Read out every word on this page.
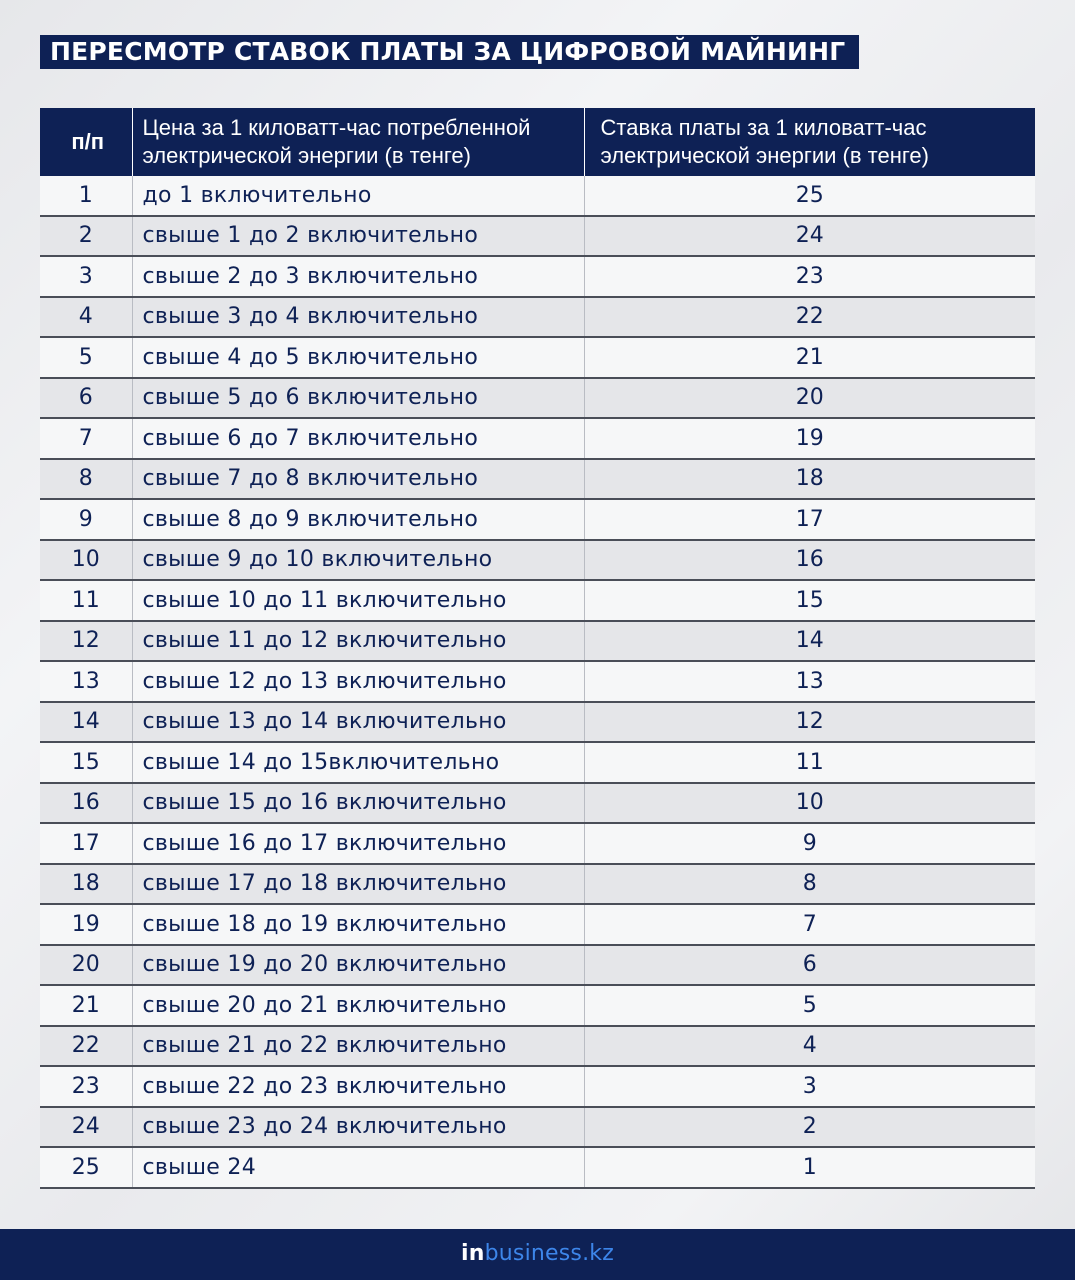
ПЕРЕСМОТР СТАВОК ПЛАТЫ ЗА ЦИФРОВОЙ МАЙНИНГ
п/п	Цена за 1 киловатт-час потребленной электрической энергии (в тенге)	Ставка платы за 1 киловатт-час электрической энергии (в тенге)

1	до 1 включительно	25
2	свыше 1 до 2 включительно	24
3	свыше 2 до 3 включительно	23
4	свыше 3 до 4 включительно	22
5	свыше 4 до 5 включительно	21
6	свыше 5 до 6 включительно	20
7	свыше 6 до 7 включительно	19
8	свыше 7 до 8 включительно	18
9	свыше 8 до 9 включительно	17
10	свыше 9 до 10 включительно	16
11	свыше 10 до 11 включительно	15
12	свыше 11 до 12 включительно	14
13	свыше 12 до 13 включительно	13
14	свыше 13 до 14 включительно	12
15	свыше 14 до 15включительно	11
16	свыше 15 до 16 включительно	10
17	свыше 16 до 17 включительно	9
18	свыше 17 до 18 включительно	8
19	свыше 18 до 19 включительно	7
20	свыше 19 до 20 включительно	6
21	свыше 20 до 21 включительно	5
22	свыше 21 до 22 включительно	4
23	свыше 22 до 23 включительно	3
24	свыше 23 до 24 включительно	2
25	свыше 24	1
inbusiness.kz
